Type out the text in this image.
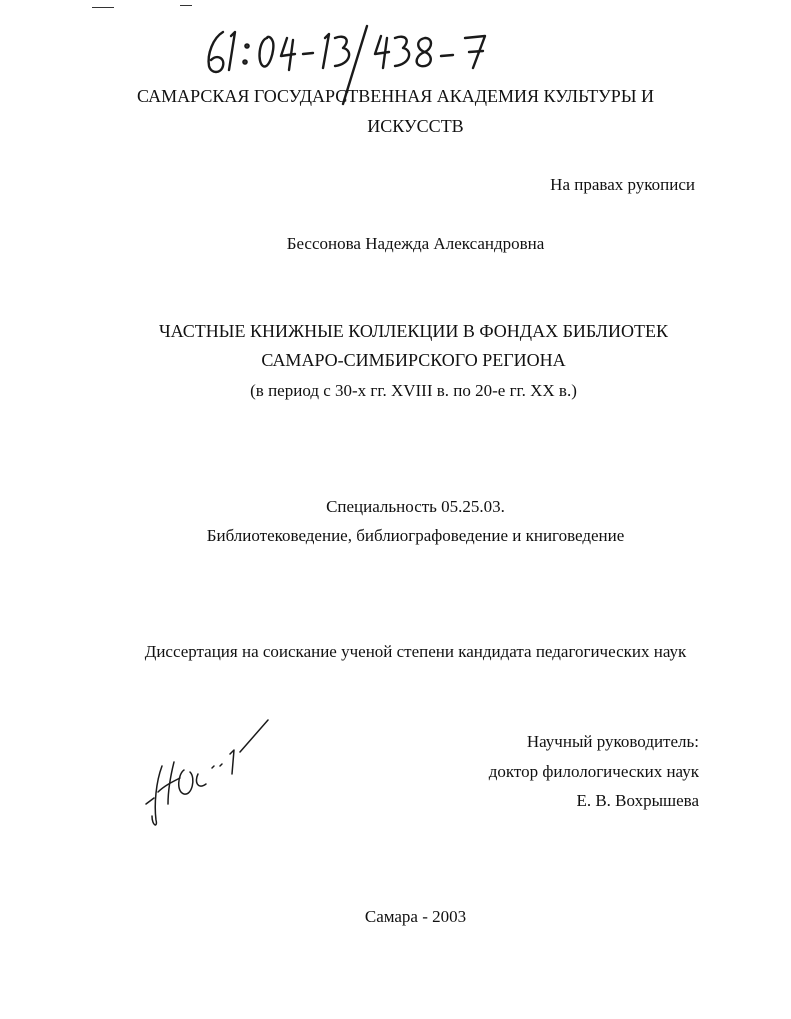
САМАРСКАЯ ГОСУДАРСТВЕННАЯ АКАДЕМИЯ КУЛЬТУРЫ И
ИСКУССТВ
На правах рукописи
Бессонова Надежда Александровна
ЧАСТНЫЕ КНИЖНЫЕ КОЛЛЕКЦИИ В ФОНДАХ БИБЛИОТЕК
САМАРО-СИМБИРСКОГО РЕГИОНА
(в период с 30-х гг. XVIII в. по 20-е гг. XX в.)
Специальность 05.25.03.
Библиотековедение, библиографоведение и книговедение
Диссертация на соискание ученой степени кандидата педагогических наук
Научный руководитель:
доктор филологических наук
Е. В. Вохрышева
Самара - 2003
